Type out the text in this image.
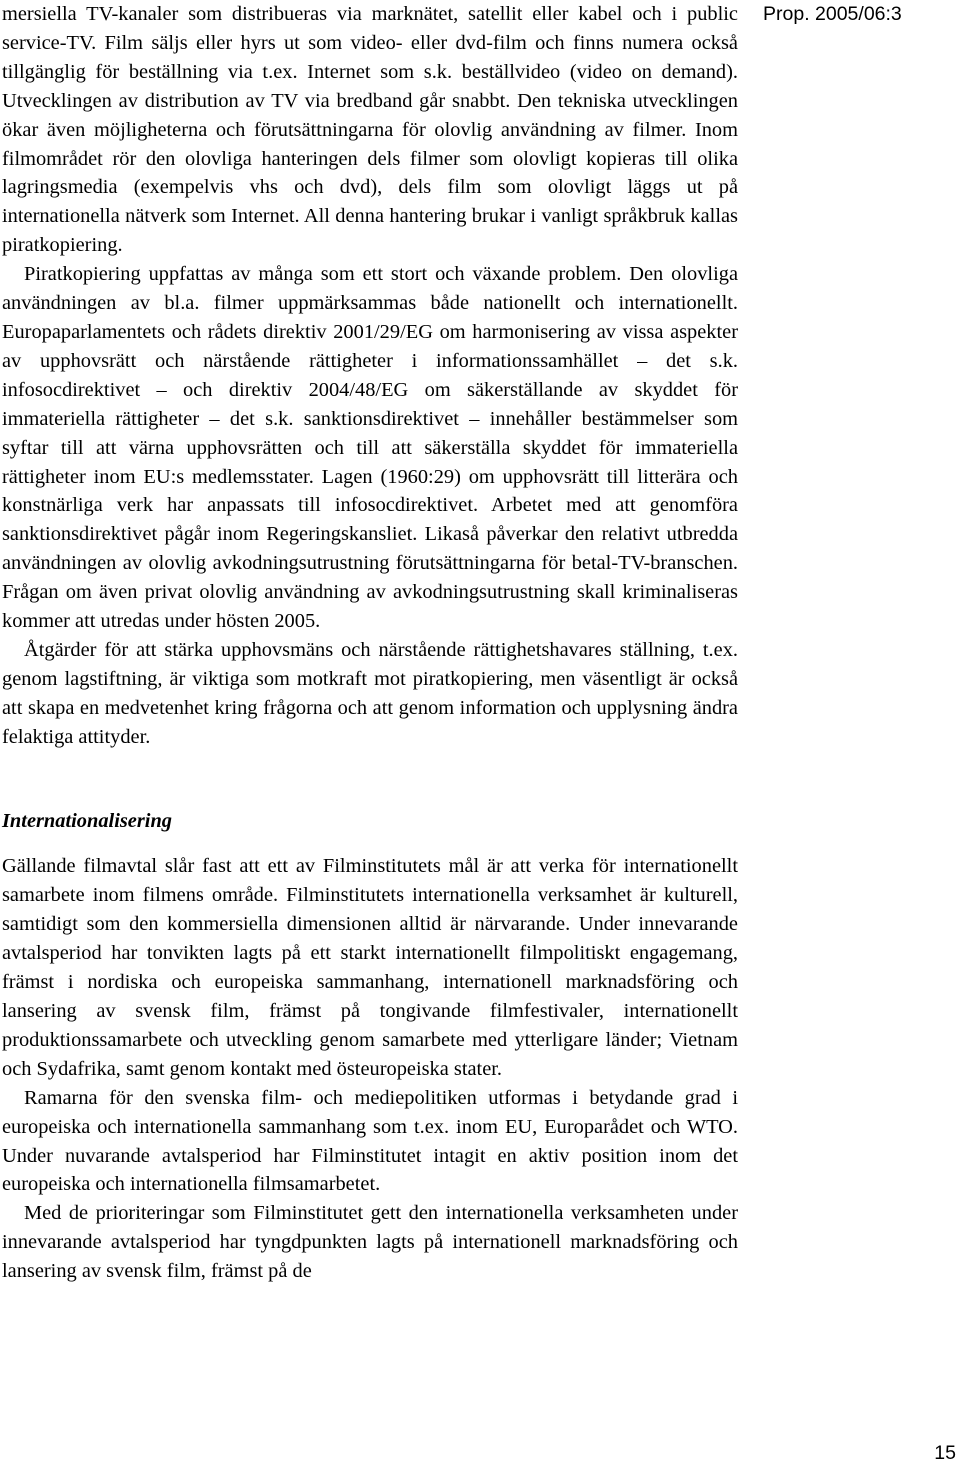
Prop. 2005/06:3

mersiella TV-kanaler som distribueras via marknätet, satellit eller kabel och i public service-TV. Film säljs eller hyrs ut som video- eller dvd-film och finns numera också tillgänglig för beställning via t.ex. Internet som s.k. beställvideo (video on demand). Utvecklingen av distribution av TV via bredband går snabbt. Den tekniska utvecklingen ökar även möjligheterna och förutsättningarna för olovlig användning av filmer. Inom filmområdet rör den olovliga hanteringen dels filmer som olovligt kopieras till olika lagringsmedia (exempelvis vhs och dvd), dels film som olovligt läggs ut på internationella nätverk som Internet. All denna hantering brukar i vanligt språkbruk kallas piratkopiering.

Piratkopiering uppfattas av många som ett stort och växande problem. Den olovliga användningen av bl.a. filmer uppmärksammas både nationellt och internationellt. Europaparlamentets och rådets direktiv 2001/29/EG om harmonisering av vissa aspekter av upphovsrätt och närstående rättigheter i informationssamhället – det s.k. infosocdirektivet – och direktiv 2004/48/EG om säkerställande av skyddet för immateriella rättigheter – det s.k. sanktionsdirektivet – innehåller bestämmelser som syftar till att värna upphovsrätten och till att säkerställa skyddet för immateriella rättigheter inom EU:s medlemsstater. Lagen (1960:29) om upphovsrätt till litterära och konstnärliga verk har anpassats till infosocdirektivet. Arbetet med att genomföra sanktionsdirektivet pågår inom Regeringskansliet. Likaså påverkar den relativt utbredda användningen av olovlig avkodningsutrustning förutsättningarna för betal-TV-branschen. Frågan om även privat olovlig användning av avkodningsutrustning skall kriminaliseras kommer att utredas under hösten 2005.

Åtgärder för att stärka upphovsmäns och närstående rättighetshavares ställning, t.ex. genom lagstiftning, är viktiga som motkraft mot piratkopiering, men väsentligt är också att skapa en medvetenhet kring frågorna och att genom information och upplysning ändra felaktiga attityder.

Internationalisering

Gällande filmavtal slår fast att ett av Filminstitutets mål är att verka för internationellt samarbete inom filmens område. Filminstitutets internationella verksamhet är kulturell, samtidigt som den kommersiella dimensionen alltid är närvarande. Under innevarande avtalsperiod har tonvikten lagts på ett starkt internationellt filmpolitiskt engagemang, främst i nordiska och europeiska sammanhang, internationell marknadsföring och lansering av svensk film, främst på tongivande filmfestivaler, internationellt produktionssamarbete och utveckling genom samarbete med ytterligare länder; Vietnam och Sydafrika, samt genom kontakt med östeuropeiska stater.

Ramarna för den svenska film- och mediepolitiken utformas i betydande grad i europeiska och internationella sammanhang som t.ex. inom EU, Europarådet och WTO. Under nuvarande avtalsperiod har Filminstitutet intagit en aktiv position inom det europeiska och internationella filmsamarbetet.

Med de prioriteringar som Filminstitutet gett den internationella verksamheten under innevarande avtalsperiod har tyngdpunkten lagts på internationell marknadsföring och lansering av svensk film, främst på de

15
